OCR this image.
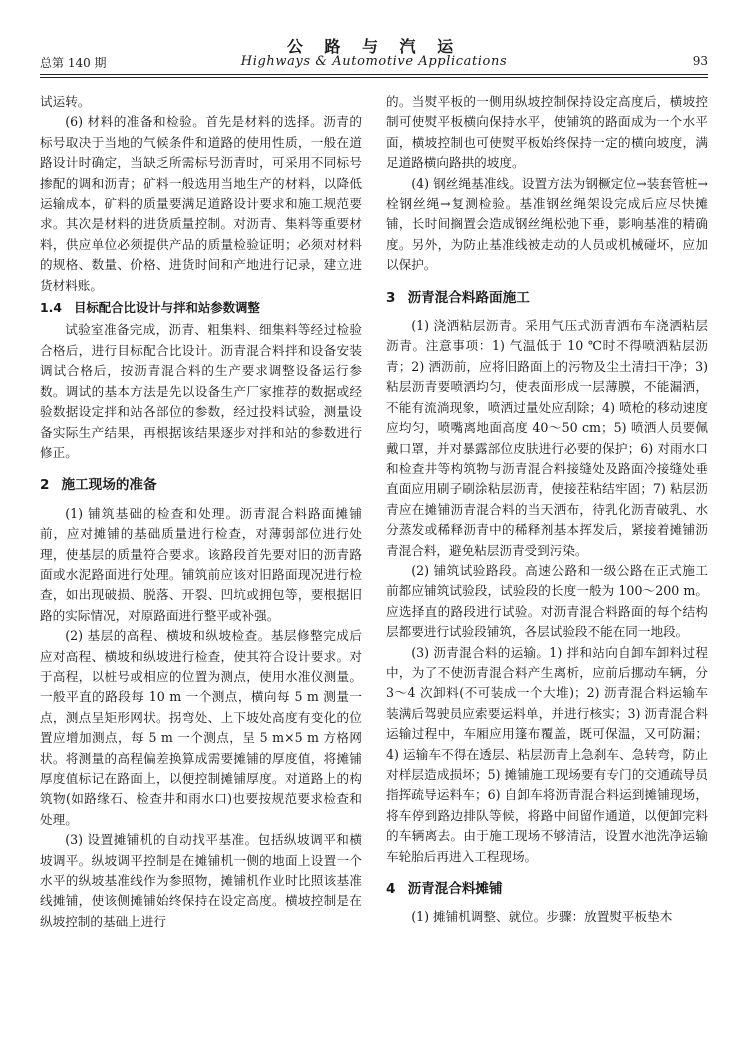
总第 140 期
公 路 与 汽 运
Highways & Automotive Applications	93

试运转。

(6) 材料的准备和检验。首先是材料的选择。沥青的标号取决于当地的气候条件和道路的使用性质，一般在道路设计时确定，当缺乏所需标号沥青时，可采用不同标号掺配的调和沥青；矿料一般选用当地生产的材料，以降低运输成本，矿料的质量要满足道路设计要求和施工规范要求。其次是材料的进货质量控制。对沥青、集料等重要材料，供应单位必须提供产品的质量检验证明；必须对材料的规格、数量、价格、进货时间和产地进行记录，建立进货材料账。

1.4 目标配合比设计与拌和站参数调整

试验室准备完成，沥青、粗集料、细集料等经过检验合格后，进行目标配合比设计。沥青混合料拌和设备安装调试合格后，按沥青混合料的生产要求调整设备运行参数。调试的基本方法是先以设备生产厂家推荐的数据或经验数据设定拌和站各部位的参数，经过投料试验，测量设备实际生产结果，再根据该结果逐步对拌和站的参数进行修正。

2 施工现场的准备

(1) 铺筑基础的检查和处理。沥青混合料路面摊铺前，应对摊铺的基础质量进行检查，对薄弱部位进行处理，使基层的质量符合要求。该路段首先要对旧的沥青路面或水泥路面进行处理。铺筑前应该对旧路面现况进行检查，如出现破损、脱落、开裂、凹坑或拥包等，要根据旧路的实际情况，对原路面进行整平或补强。

(2) 基层的高程、横坡和纵坡检查。基层修整完成后应对高程、横坡和纵坡进行检查，使其符合设计要求。对于高程，以桩号或相应的位置为测点，使用水准仪测量。一般平直的路段每 10 m 一个测点，横向每 5 m 测量一点，测点呈矩形网状。拐弯处、上下坡处高度有变化的位置应增加测点，每 5 m 一个测点，呈 5 m×5 m 方格网状。将测量的高程偏差换算成需要摊铺的厚度值，将摊铺厚度值标记在路面上，以便控制摊铺厚度。对道路上的构筑物(如路缘石、检查井和雨水口)也要按规范要求检查和处理。

(3) 设置摊铺机的自动找平基准。包括纵坡调平和横坡调平。纵坡调平控制是在摊铺机一侧的地面上设置一个水平的纵坡基准线作为参照物，摊铺机作业时比照该基准线摊铺，使该侧摊铺始终保持在设定高度。横坡控制是在纵坡控制的基础上进行

的。当熨平板的一侧用纵坡控制保持设定高度后，横坡控制可使熨平板横向保持水平，使铺筑的路面成为一个水平面，横坡控制也可使熨平板始终保持一定的横向坡度，满足道路横向路拱的坡度。

(4) 钢丝绳基准线。设置方法为钢橛定位→装套管桩→栓钢丝绳→复测检验。基准钢丝绳架设完成后应尽快摊铺，长时间搁置会造成钢丝绳松弛下垂，影响基准的精确度。另外，为防止基准线被走动的人员或机械碰坏，应加以保护。

3 沥青混合料路面施工

(1) 浇洒粘层沥青。采用气压式沥青洒布车浇洒粘层沥青。注意事项：1) 气温低于 10 ℃时不得喷洒粘层沥青；2) 洒沥前，应将旧路面上的污物及尘土清扫干净；3) 粘层沥青要喷洒均匀，使表面形成一层薄膜，不能漏洒，不能有流淌现象，喷洒过量处应刮除；4) 喷枪的移动速度应均匀，喷嘴离地面高度 40～50 cm；5) 喷洒人员要佩戴口罩，并对暴露部位皮肤进行必要的保护；6) 对雨水口和检查井等构筑物与沥青混合料接缝处及路面冷接缝处垂直面应用刷子刷涂粘层沥青，使接茬粘结牢固；7) 粘层沥青应在摊铺沥青混合料的当天洒布，待乳化沥青破乳、水分蒸发或稀释沥青中的稀释剂基本挥发后，紧接着摊铺沥青混合料，避免粘层沥青受到污染。

(2) 铺筑试验路段。高速公路和一级公路在正式施工前都应铺筑试验段，试验段的长度一般为 100～200 m。应选择直的路段进行试验。对沥青混合料路面的每个结构层都要进行试验段铺筑，各层试验段不能在同一地段。

(3) 沥青混合料的运输。1) 拌和站向自卸车卸料过程中，为了不使沥青混合料产生离析，应前后挪动车辆，分 3～4 次卸料(不可装成一个大堆)；2) 沥青混合料运输车装满后驾驶员应索要运料单，并进行核实；3) 沥青混合料运输过程中，车厢应用篷布覆盖，既可保温，又可防漏；4) 运输车不得在透层、粘层沥青上急刹车、急转弯，防止对样层造成损坏；5) 摊铺施工现场要有专门的交通疏导员指挥疏导运料车；6) 自卸车将沥青混合料运到摊铺现场，将车停到路边排队等候，将路中间留作通道，以便卸完料的车辆离去。由于施工现场不够清洁，设置水池洗净运输车轮胎后再进入工程现场。

4 沥青混合料摊铺

(1) 摊铺机调整、就位。步骤：放置熨平板垫木
